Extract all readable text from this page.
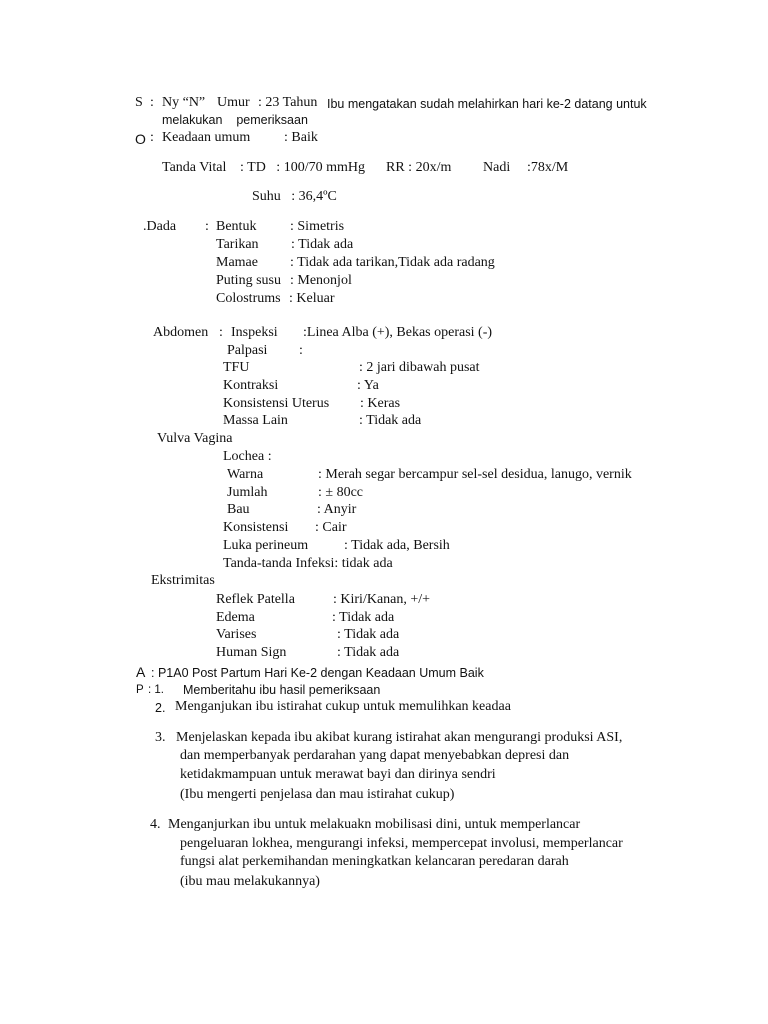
S : Ny “N” Umur : 23 Tahun Ibu mengatakan sudah melahirkan hari ke-2 datang untuk
melakukan    pemeriksaan
O : Keadaan umum : Baik
Tanda Vital : TD   : 100/70 mmHg RR : 20x/m Nadi :78x/M
Suhu   : 36,4ºC
.Dada : Bentuk : Simetris
Tarikan : Tidak ada
Mamae : Tidak ada tarikan,Tidak ada radang
Puting susu : Menonjol
Colostrums : Keluar
Abdomen : Inspeksi :Linea Alba (+), Bekas operasi (-)
Palpasi :
TFU	: 2 jari dibawah pusat
Kontraksi	: Ya
Konsistensi Uterus : Keras
Massa Lain	: Tidak ada
Vulva Vagina
Lochea :
Warna	: Merah segar bercampur sel-sel desidua, lanugo, vernik
Jumlah	: ± 80cc
Bau	: Anyir
Konsistensi : Cair
Luka perineum	: Tidak ada, Bersih
Tanda-tanda Infeksi: tidak ada
Ekstrimitas
Reflek Patella	: Kiri/Kanan, +/+
Edema	: Tidak ada
Varises	: Tidak ada
Human Sign	: Tidak ada
A : P1A0 Post Partum Hari Ke-2 dengan Keadaan Umum Baik
P : 1. Memberitahu ibu hasil pemeriksaan
2. Menganjukan ibu istirahat cukup untuk memulihkan keadaa
3. Menjelaskan kepada ibu akibat kurang istirahat akan mengurangi produksi ASI,
dan memperbanyak perdarahan yang dapat menyebabkan depresi dan
ketidakmampuan untuk merawat bayi dan dirinya sendri
(Ibu mengerti penjelasa dan mau istirahat cukup)
4. Menganjurkan ibu untuk melakuakn mobilisasi dini, untuk memperlancar
pengeluaran lokhea, mengurangi infeksi, mempercepat involusi, memperlancar
fungsi alat perkemihandan meningkatkan kelancaran peredaran darah
(ibu mau melakukannya)
